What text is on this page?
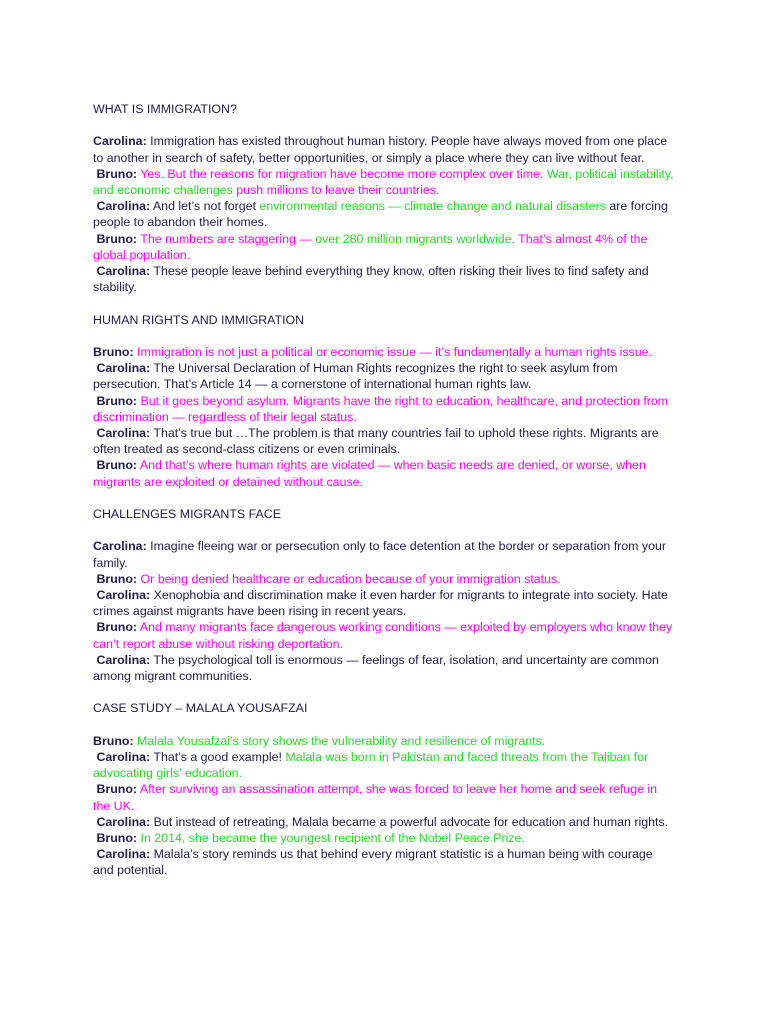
WHAT IS IMMIGRATION?
Carolina: Immigration has existed throughout human history. People have always moved from one place to another in search of safety, better opportunities, or simply a place where they can live without fear.
Bruno: Yes. But the reasons for migration have become more complex over time. War, political instability, and economic challenges push millions to leave their countries.
Carolina: And let’s not forget environmental reasons — climate change and natural disasters are forcing people to abandon their homes.
Bruno: The numbers are staggering — over 280 million migrants worldwide. That’s almost 4% of the global population.
Carolina: These people leave behind everything they know, often risking their lives to find safety and stability.
HUMAN RIGHTS AND IMMIGRATION
Bruno: Immigration is not just a political or economic issue — it’s fundamentally a human rights issue.
Carolina: The Universal Declaration of Human Rights recognizes the right to seek asylum from persecution. That’s Article 14 — a cornerstone of international human rights law.
Bruno: But it goes beyond asylum. Migrants have the right to education, healthcare, and protection from discrimination — regardless of their legal status.
Carolina: That’s true but …The problem is that many countries fail to uphold these rights. Migrants are often treated as second-class citizens or even criminals.
Bruno: And that’s where human rights are violated — when basic needs are denied, or worse, when migrants are exploited or detained without cause.
CHALLENGES MIGRANTS FACE
Carolina: Imagine fleeing war or persecution only to face detention at the border or separation from your family.
Bruno: Or being denied healthcare or education because of your immigration status.
Carolina: Xenophobia and discrimination make it even harder for migrants to integrate into society. Hate crimes against migrants have been rising in recent years.
Bruno: And many migrants face dangerous working conditions — exploited by employers who know they can’t report abuse without risking deportation.
Carolina: The psychological toll is enormous — feelings of fear, isolation, and uncertainty are common among migrant communities.
CASE STUDY – MALALA YOUSAFZAI
Bruno: Malala Yousafzai’s story shows the vulnerability and resilience of migrants.
Carolina: That’s a good example! Malala was born in Pakistan and faced threats from the Taliban for advocating girls’ education.
Bruno: After surviving an assassination attempt, she was forced to leave her home and seek refuge in the UK.
Carolina: But instead of retreating, Malala became a powerful advocate for education and human rights.
Bruno: In 2014, she became the youngest recipient of the Nobel Peace Prize.
Carolina: Malala’s story reminds us that behind every migrant statistic is a human being with courage and potential.
